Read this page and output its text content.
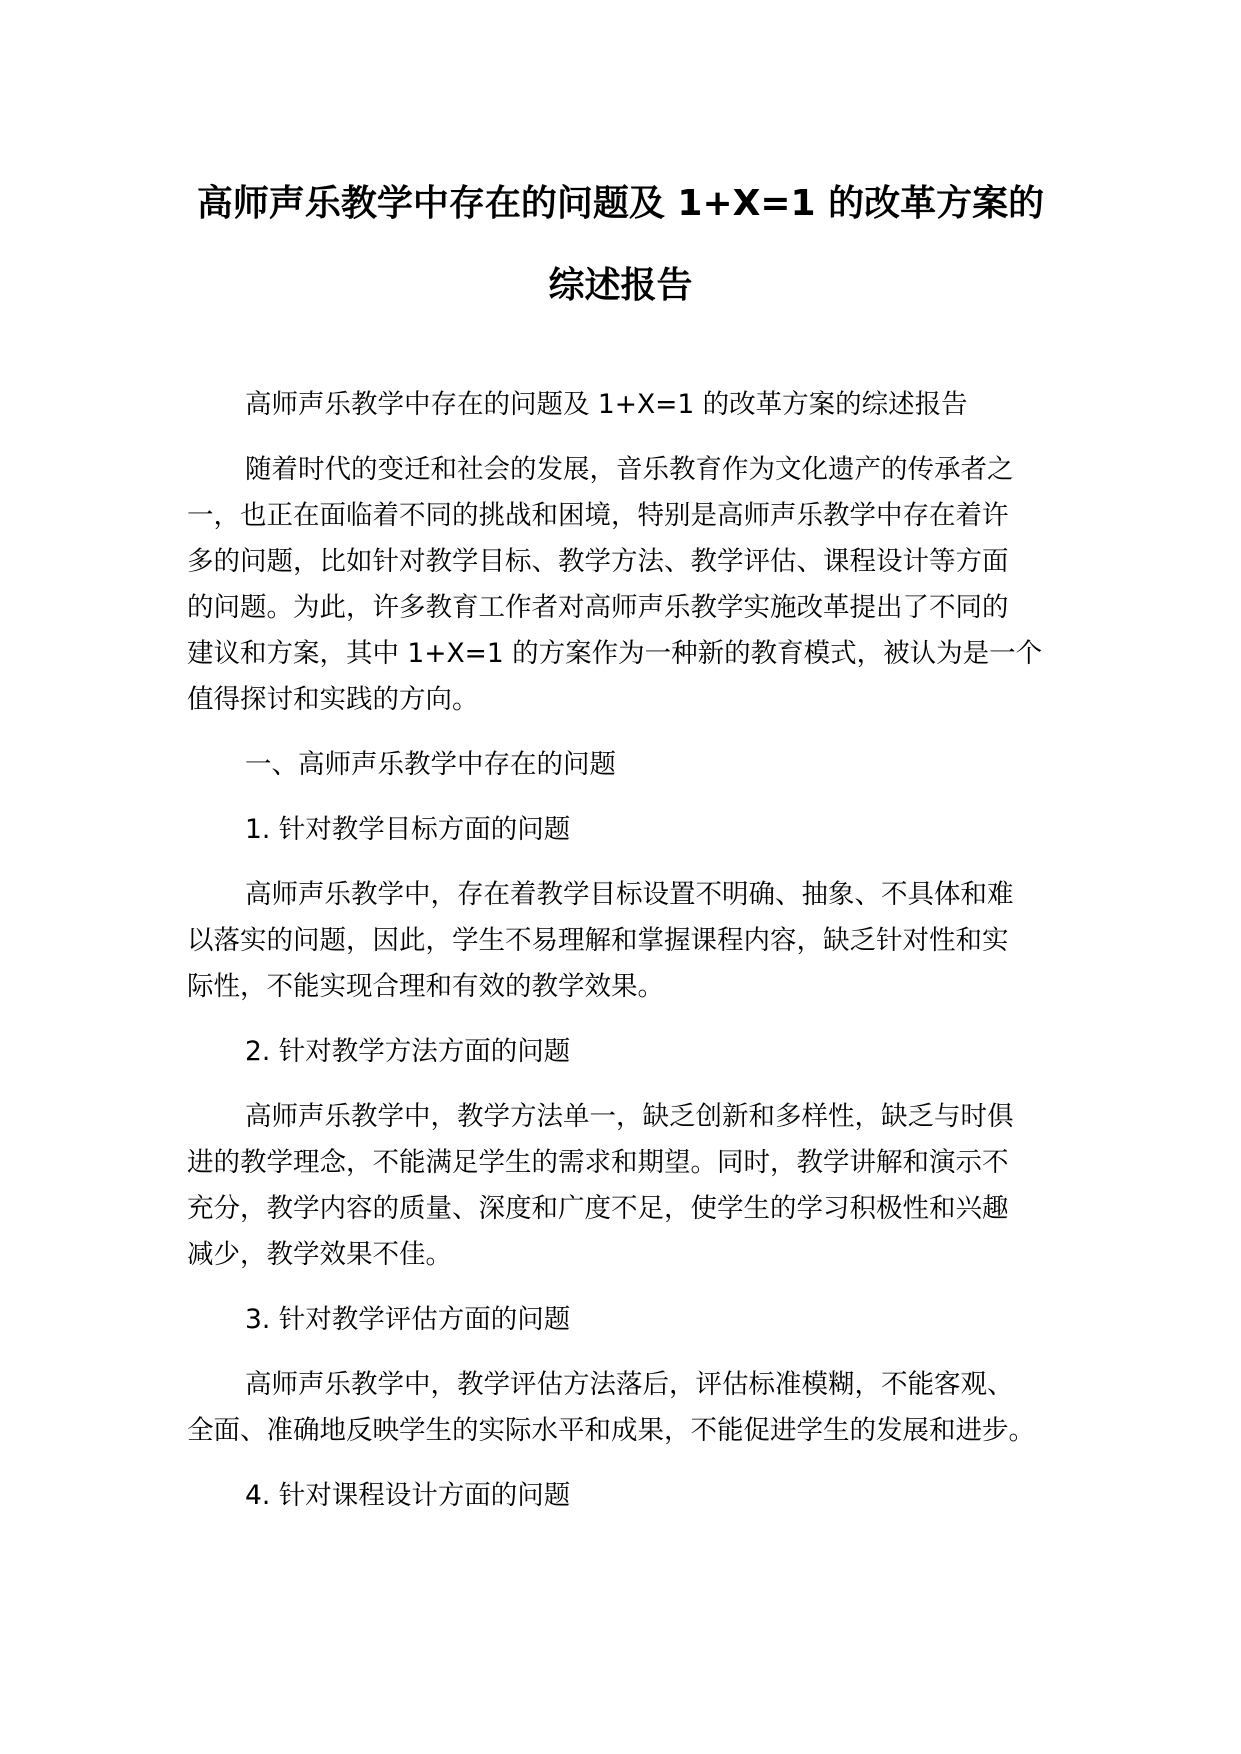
高师声乐教学中存在的问题及 1+X=1 的改革方案的
综述报告

高师声乐教学中存在的问题及 1+X=1 的改革方案的综述报告

随着时代的变迁和社会的发展，音乐教育作为文化遗产的传承者之
一，也正在面临着不同的挑战和困境，特别是高师声乐教学中存在着许
多的问题，比如针对教学目标、教学方法、教学评估、课程设计等方面
的问题。为此，许多教育工作者对高师声乐教学实施改革提出了不同的
建议和方案，其中 1+X=1 的方案作为一种新的教育模式，被认为是一个
值得探讨和实践的方向。

一、高师声乐教学中存在的问题

1. 针对教学目标方面的问题

高师声乐教学中，存在着教学目标设置不明确、抽象、不具体和难
以落实的问题，因此，学生不易理解和掌握课程内容，缺乏针对性和实
际性，不能实现合理和有效的教学效果。

2. 针对教学方法方面的问题

高师声乐教学中，教学方法单一，缺乏创新和多样性，缺乏与时俱
进的教学理念，不能满足学生的需求和期望。同时，教学讲解和演示不
充分，教学内容的质量、深度和广度不足，使学生的学习积极性和兴趣
减少，教学效果不佳。

3. 针对教学评估方面的问题

高师声乐教学中，教学评估方法落后，评估标准模糊，不能客观、
全面、准确地反映学生的实际水平和成果，不能促进学生的发展和进步。

4. 针对课程设计方面的问题
